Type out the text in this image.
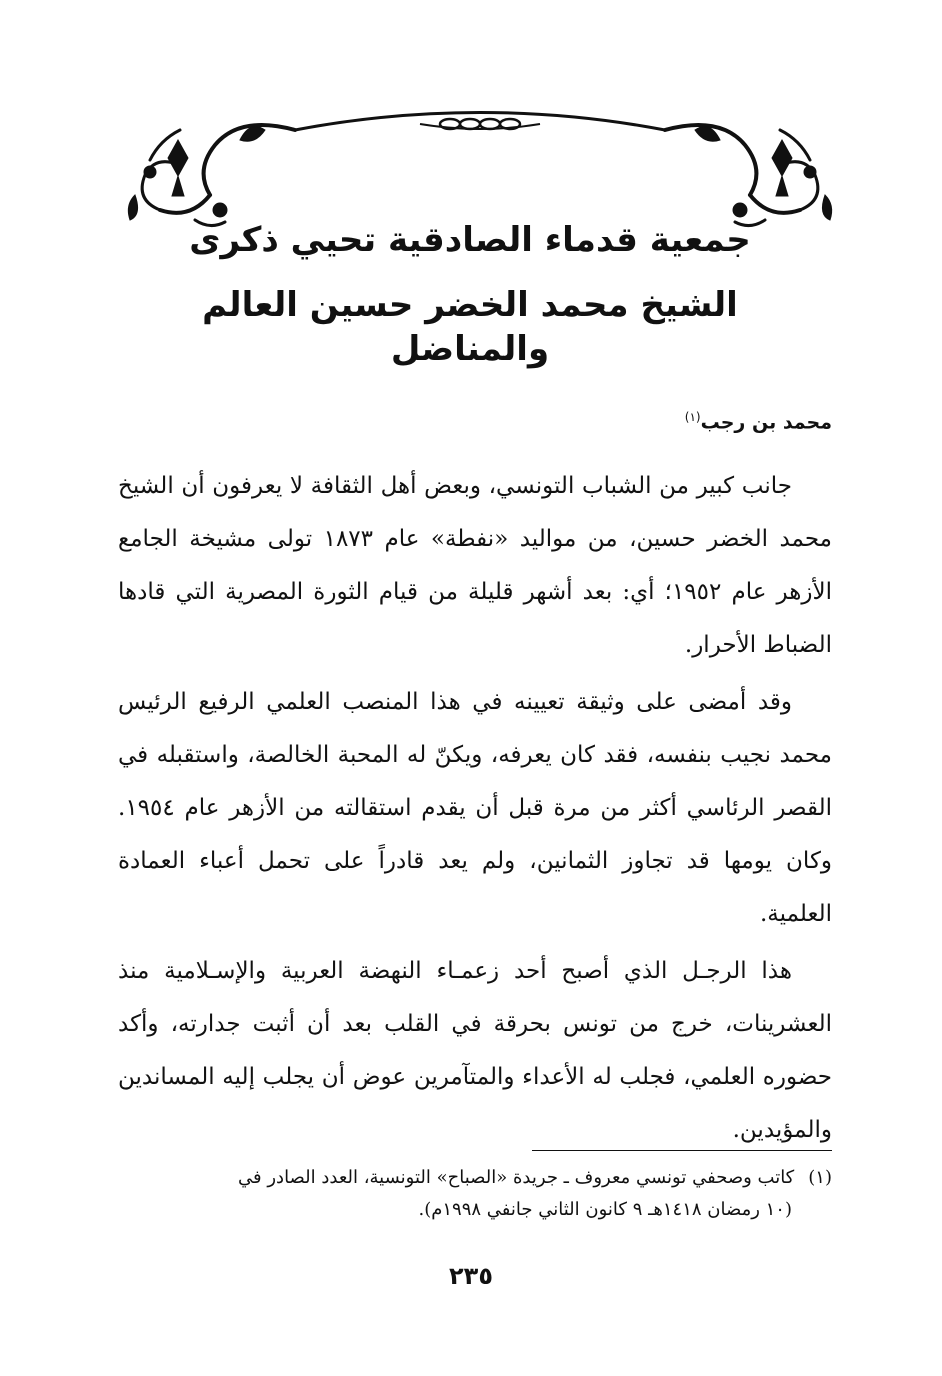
جمعية قدماء الصادقية تحيي ذكرى
الشيخ محمد الخضر حسين العالم والمناضل
محمد بن رجب$^{(١)}$

جانب كبير من الشباب التونسي، وبعض أهل الثقافة لا يعرفون أن الشيخ محمد الخضر حسين، من مواليد «نفطة» عام ١٨٧٣ تولى مشيخة الجامع الأزهر عام ١٩٥٢؛ أي: بعد أشهر قليلة من قيام الثورة المصرية التي قادها الضباط الأحرار.

وقد أمضى على وثيقة تعيينه في هذا المنصب العلمي الرفيع الرئيس محمد نجيب بنفسه، فقد كان يعرفه، ويكنّ له المحبة الخالصة، واستقبله في القصر الرئاسي أكثر من مرة قبل أن يقدم استقالته من الأزهر عام ١٩٥٤. وكان يومها قد تجاوز الثمانين، ولم يعد قادراً على تحمل أعباء العمادة العلمية.

هذا الرجـل الذي أصبح أحد زعمـاء النهضة العربية والإسـلامية منذ العشرينات، خرج من تونس بحرقة في القلب بعد أن أثبت جدارته، وأكد حضوره العلمي، فجلب له الأعداء والمتآمرين عوض أن يجلب إليه المساندين والمؤيدين.

(١)كاتب وصحفي تونسي معروف ـ جريدة «الصباح» التونسية، العدد الصادر في
(١٠ رمضان ١٤١٨هـ ٩ كانون الثاني جانفي ١٩٩٨م).
٢٣٥
